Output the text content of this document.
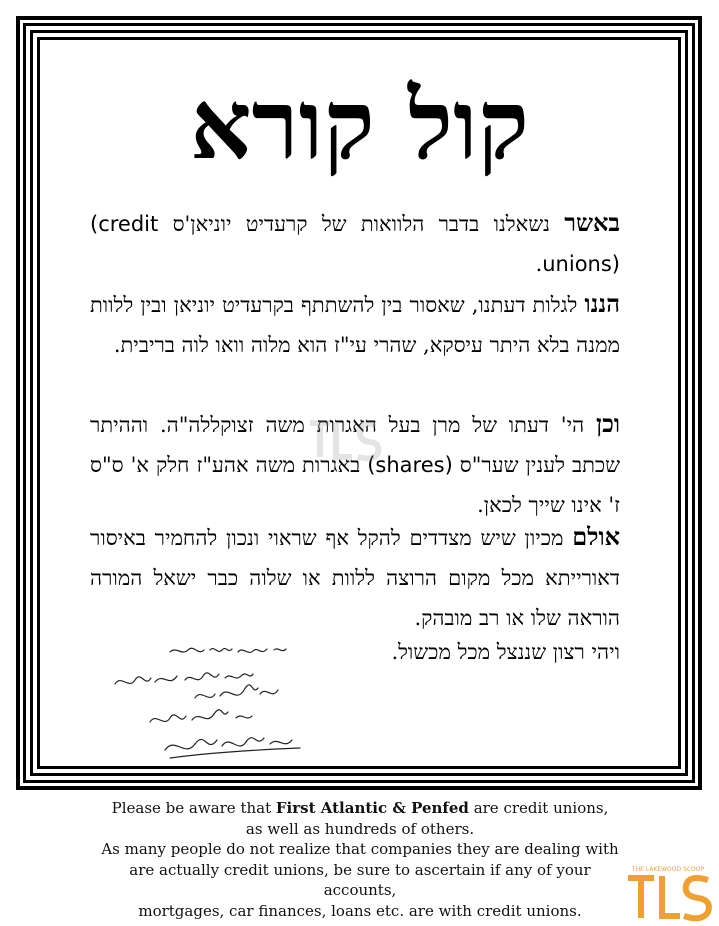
קול קורא
באשר נשאלנו בדבר הלוואות של קרעדיט יוניאן'ס (credit unions).
הננו לגלות דעתנו, שאסור בין להשתתף בקרעדיט יוניאן ובין ללוות ממנה בלא היתר עיסקא, שהרי עי"ז הוא מלוה וואו לוה בריבית.
וכן הי' דעתו של מרן בעל האגרות משה זצוקללה"ה. וההיתר שכתב לענין שער"ס (shares) באגרות משה אהע"ז חלק א' ס"ס ז' אינו שייך לכאן.
אולם מכיון שיש מצדדים להקל אף שראוי ונכון להחמיר באיסור דאורייתא מכל מקום הרוצה ללוות או שלוה כבר ישאל המורה הוראה שלו או רב מובהק.
ויהי רצון שננצל מכל מכשול.
Please be aware that First Atlantic & Penfed are credit unions,
as well as hundreds of others.
As many people do not realize that companies they are dealing with
are actually credit unions, be sure to ascertain if any of your accounts,
mortgages, car finances, loans etc. are with credit unions.
THE LAKEWOOD SCOOP
